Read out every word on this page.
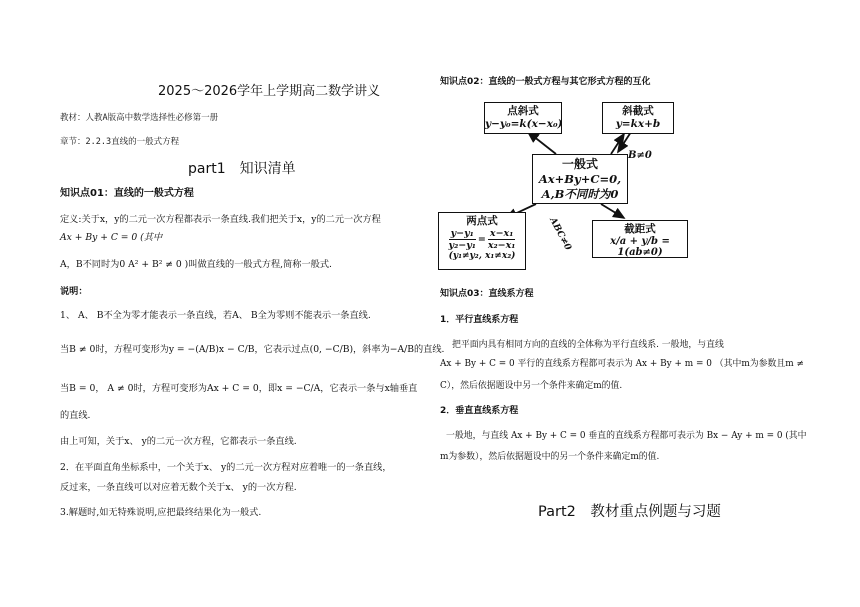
2025～2026学年上学期高二数学讲义
教材：人教A版高中数学选择性必修第一册
章节：2.2.3直线的一般式方程
part1　知识清单
知识点01：直线的一般式方程
定义:关于x，y的二元一次方程都表示一条直线.我们把关于x，y的二元一次方程
Ax + By + C = 0 (其中
A，B不同时为0 A² + B² ≠ 0 )叫做直线的一般式方程,简称一般式.
说明：
1、 A、 B不全为零才能表示一条直线，若A、 B全为零则不能表示一条直线.
当B ≠ 0时，方程可变形为y = −(A/B)x − C/B，它表示过点(0, −C/B)，斜率为−A/B的直线.
当B = 0， A ≠ 0时，方程可变形为Ax + C = 0，即x = −C/A，它表示一条与x轴垂直
的直线.
由上可知，关于x、 y的二元一次方程，它都表示一条直线.
2．在平面直角坐标系中，一个关于x、 y的二元一次方程对应着唯一的一条直线，
反过来，一条直线可以对应着无数个关于x、 y的一次方程.
3.解题时,如无特殊说明,应把最终结果化为一般式.
知识点02：直线的一般式方程与其它形式方程的互化
点斜式
y−y₀=k(x−x₀)
斜截式
y=kx+b
B≠0
一般式
Ax+By+C=0,
A,B不同时为0
ABC≠0
两点式
$\frac{\text{y−y₁}}{\text{y₂−y₁}} = \frac{\text{x−x₁}}{\text{x₂−x₁}}$
(y₁≠y₂, x₁≠x₂)
截距式
x/a + y/b = 1(ab≠0)
知识点03：直线系方程
1．平行直线系方程
把平面内具有相同方向的直线的全体称为平行直线系. 一般地，与直线
Ax + By + C = 0 平行的直线系方程都可表示为 Ax + By + m = 0 （其中m为参数且m ≠
C），然后依据题设中另一个条件来确定m的值.
2．垂直直线系方程
一般地，与直线 Ax + By + C = 0 垂直的直线系方程都可表示为 Bx − Ay + m = 0 (其中
m为参数），然后依据题设中的另一个条件来确定m的值.
Part2　教材重点例题与习题
